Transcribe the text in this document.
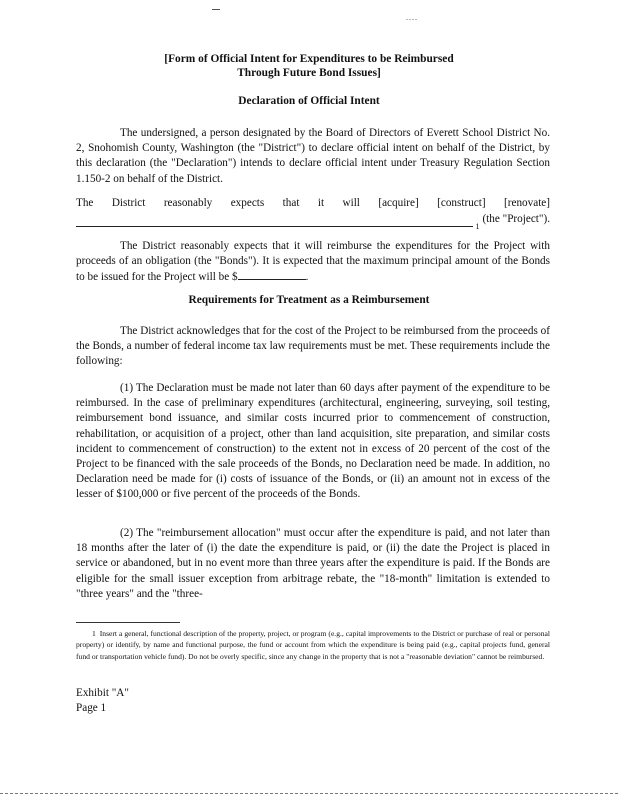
....
[Form of Official Intent for Expenditures to be Reimbursed
Through Future Bond Issues]
Declaration of Official Intent
The undersigned, a person designated by the Board of Directors of Everett School District No. 2, Snohomish County, Washington (the "District") to declare official intent on behalf of the District, by this declaration (the "Declaration") intends to declare official intent under Treasury Regulation Section 1.150-2 on behalf of the District.
The District reasonably expects that it will [acquire] [construct] [renovate]
1
(the "Project").
The District reasonably expects that it will reimburse the expenditures for the Project with proceeds of an obligation (the "Bonds"). It is expected that the maximum principal amount of the Bonds to be issued for the Project will be $	.
Requirements for Treatment as a Reimbursement
The District acknowledges that for the cost of the Project to be reimbursed from the proceeds of the Bonds, a number of federal income tax law requirements must be met. These requirements include the following:
(1) The Declaration must be made not later than 60 days after payment of the expenditure to be reimbursed. In the case of preliminary expenditures (architectural, engineering, surveying, soil testing, reimbursement bond issuance, and similar costs incurred prior to commencement of construction, rehabilitation, or acquisition of a project, other than land acquisition, site preparation, and similar costs incident to commencement of construction) to the extent not in excess of 20 percent of the cost of the Project to be financed with the sale proceeds of the Bonds, no Declaration need be made. In addition, no Declaration need be made for (i) costs of issuance of the Bonds, or (ii) an amount not in excess of the lesser of $100,000 or five percent of the proceeds of the Bonds.
(2) The "reimbursement allocation" must occur after the expenditure is paid, and not later than 18 months after the later of (i) the date the expenditure is paid, or (ii) the date the Project is placed in service or abandoned, but in no event more than three years after the expenditure is paid. If the Bonds are eligible for the small issuer exception from arbitrage rebate, the "18-month" limitation is extended to "three years" and the "three-
1 Insert a general, functional description of the property, project, or program (e.g., capital improvements to the District or purchase of real or personal property) or identify, by name and functional purpose, the fund or account from which the expenditure is being paid (e.g., capital projects fund, general fund or transportation vehicle fund). Do not be overly specific, since any change in the property that is not a "reasonable deviation" cannot be reimbursed.
Exhibit "A"
Page 1
